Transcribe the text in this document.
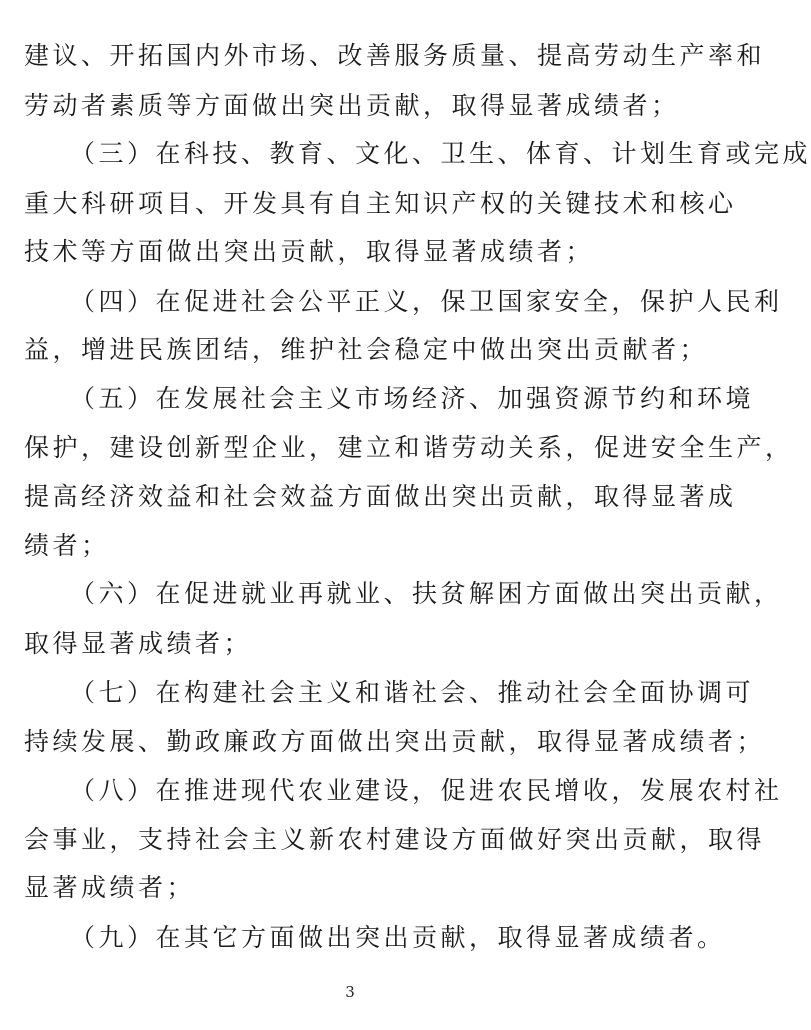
建议、开拓国内外市场、改善服务质量、提高劳动生产率和
劳动者素质等方面做出突出贡献，取得显著成绩者；
（三）在科技、教育、文化、卫生、体育、计划生育或完成
重大科研项目、开发具有自主知识产权的关键技术和核心
技术等方面做出突出贡献，取得显著成绩者；
（四）在促进社会公平正义，保卫国家安全，保护人民利
益，增进民族团结，维护社会稳定中做出突出贡献者；
（五）在发展社会主义市场经济、加强资源节约和环境
保护，建设创新型企业，建立和谐劳动关系，促进安全生产，
提高经济效益和社会效益方面做出突出贡献，取得显著成
绩者；
（六）在促进就业再就业、扶贫解困方面做出突出贡献，
取得显著成绩者；
（七）在构建社会主义和谐社会、推动社会全面协调可
持续发展、勤政廉政方面做出突出贡献，取得显著成绩者；
（八）在推进现代农业建设，促进农民增收，发展农村社
会事业，支持社会主义新农村建设方面做好突出贡献，取得
显著成绩者；
（九）在其它方面做出突出贡献，取得显著成绩者。
3
